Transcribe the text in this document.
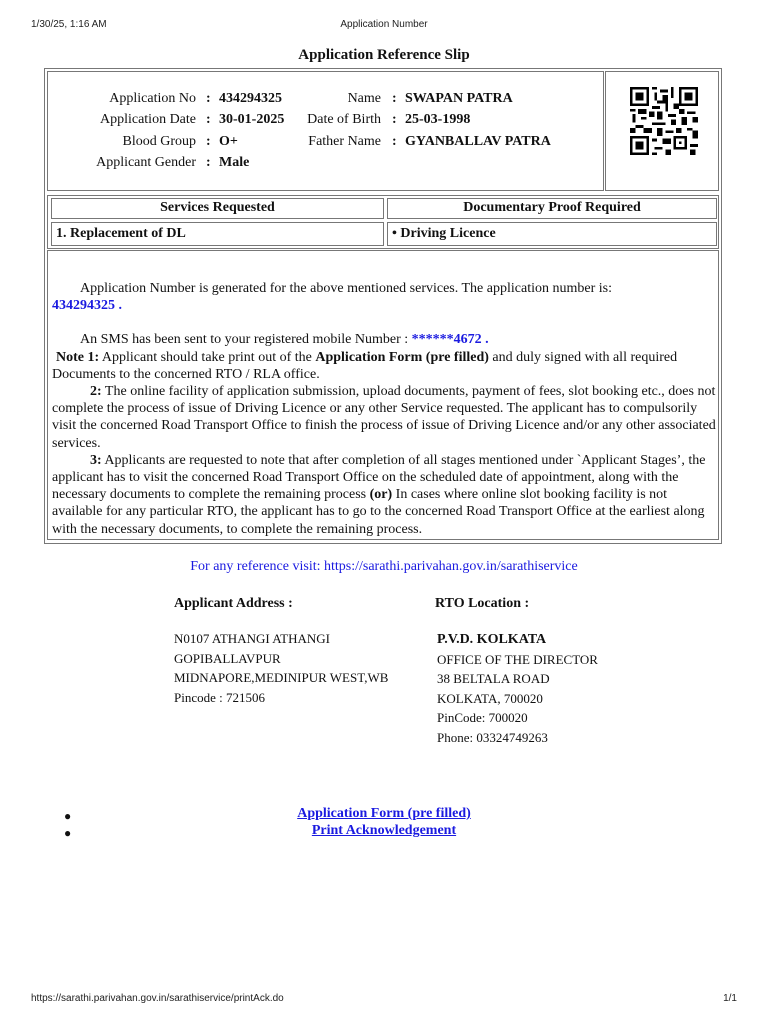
1/30/25, 1:16 AM	Application Number
Application Reference Slip
Application No : 434294325	Name : SWAPAN PATRA
Application Date : 30-01-2025 Date of Birth : 25-03-1998
Blood Group : O+	Father Name : GYANBALLAV PATRA
Applicant Gender : Male
Services Requested	Documentary Proof Required
1. Replacement of DL	• Driving Licence

Application Number is generated for the above mentioned services. The application number is:
434294325 .

An SMS has been sent to your registered mobile Number : ******4672 .

Note 1: Applicant should take print out of the Application Form (pre filled) and duly signed with all required Documents to the concerned RTO / RLA office.

2: The online facility of application submission, upload documents, payment of fees, slot booking etc., does not complete the process of issue of Driving Licence or any other Service requested. The applicant has to compulsorily visit the concerned Road Transport Office to finish the process of issue of Driving Licence and/or any other associated services.

3: Applicants are requested to note that after completion of all stages mentioned under `Applicant Stages’, the applicant has to visit the concerned Road Transport Office on the scheduled date of appointment, along with the necessary documents to complete the remaining process (or) In cases where online slot booking facility is not available for any particular RTO, the applicant has to go to the concerned Road Transport Office at the earliest along with the necessary documents, to complete the remaining process.

For any reference visit: https://sarathi.parivahan.gov.in/sarathiservice
Applicant Address :	RTO Location :
N0107 ATHANGI ATHANGI
GOPIBALLAVPUR
MIDNAPORE,MEDINIPUR WEST,WB
Pincode : 721506
P.V.D. KOLKATA
OFFICE OF THE DIRECTOR
38 BELTALA ROAD
KOLKATA, 700020
PinCode: 700020
Phone: 03324749263
●	Application Form (pre filled)
●	Print Acknowledgement
https://sarathi.parivahan.gov.in/sarathiservice/printAck.do	1/1
